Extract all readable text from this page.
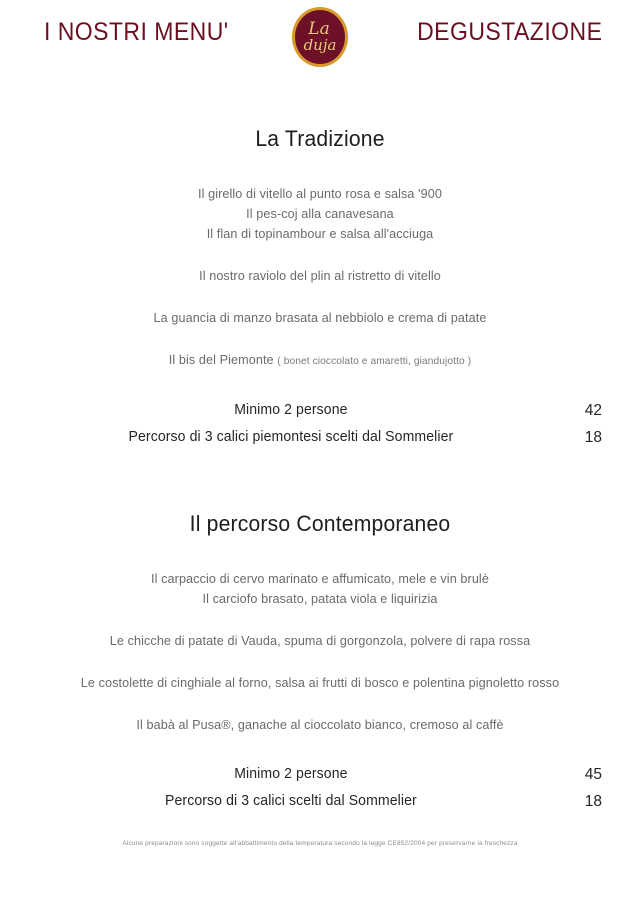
I NOSTRI MENU'	La
duja	DEGUSTAZIONE
La Tradizione
Il girello di vitello al punto rosa e salsa '900
Il pes-coj alla canavesana
Il flan di topinambour e salsa all'acciuga
Il nostro raviolo del plin al ristretto di vitello
La guancia di manzo brasata al nebbiolo e crema di patate
Il bis del Piemonte ( bonet cioccolato e amaretti, giandujotto )
Minimo 2 persone	42
Percorso di 3 calici piemontesi scelti dal Sommelier	18
Il percorso Contemporaneo
Il carpaccio di cervo marinato e affumicato, mele e vin brulè
Il carciofo brasato, patata viola e liquirizia
Le chicche di patate di Vauda, spuma di gorgonzola, polvere di rapa rossa
Le costolette di cinghiale al forno, salsa ai frutti di bosco e polentina pignoletto rosso
Il babà al Pusa®, ganache al cioccolato bianco, cremoso al caffè
Minimo 2 persone	45
Percorso di 3 calici scelti dal Sommelier	18
Alcune preparazioni sono soggette all'abbattimento della temperatura secondo la legge CE852/2004 per preservarne la freschezza
